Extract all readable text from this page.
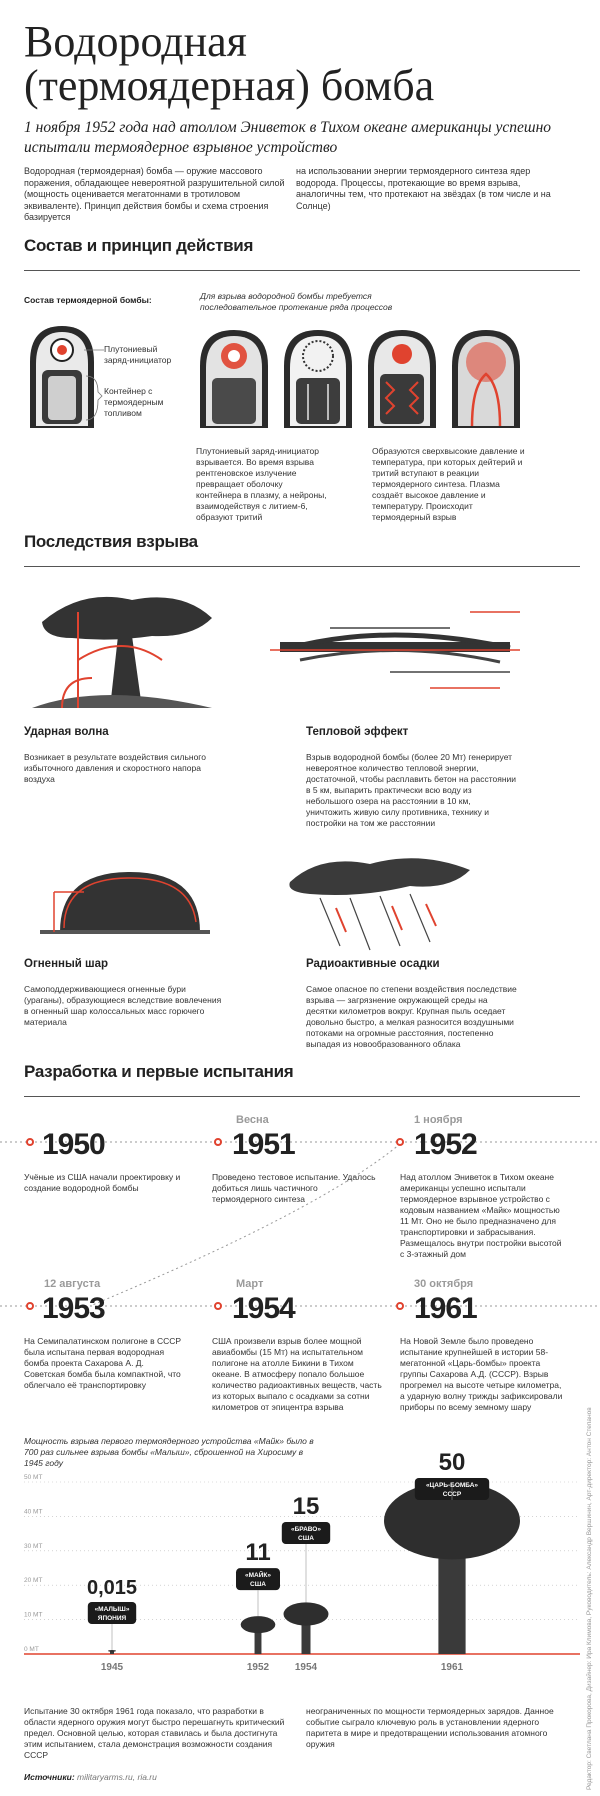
Водородная
(термоядерная) бомба
1 ноября 1952 года над атоллом Эниветок в Тихом океане американцы успешно испытали термоядерное взрывное устройство
Водородная (термоядерная) бомба — оружие массового поражения, обладающее невероятной разрушительной силой (мощность оценивается мегатоннами в тротиловом эквиваленте). Принцип действия бомбы и схема строения базируется
на использовании энергии термоядерного синтеза ядер водорода. Процессы, протекающие во время взрыва, аналогичны тем, что протекают на звёздах (в том числе и на Солнце)
Состав и принцип действия
Состав термоядерной бомбы:	Для взрыва водородной бомбы требуется последовательное протекание ряда процессов
Плутониевый заряд-инициатор
Контейнер с термоядерным топливом
Плутониевый заряд-инициатор взрывается. Во время взрыва рентгеновское излучение превращает оболочку контейнера в плазму, а нейроны, взаимодействуя с литием-6, образуют тритий
Образуются сверхвысокие давление и температура, при которых дейтерий и тритий вступают в реакции термоядерного синтеза. Плазма создаёт высокое давление и температуру. Происходит термоядерный взрыв
Последствия взрыва
Ударная волна
Возникает в результате воздействия сильного избыточного давления и скоростного напора воздуха
Тепловой эффект
Взрыв водородной бомбы (более 20 Мт) генерирует невероятное количество тепловой энергии, достаточной, чтобы расплавить бетон на расстоянии в 5 км, выпарить практически всю воду из небольшого озера на расстоянии в 10 км, уничтожить живую силу противника, технику и постройки на том же расстоянии
Огненный шар
Самоподдерживающиеся огненные бури (ураганы), образующиеся вследствие вовлечения в огненный шар колоссальных масс горючего материала
Радиоактивные осадки
Самое опасное по степени воздействия последствие взрыва — загрязнение окружающей среды на десятки километров вокруг. Крупная пыль оседает довольно быстро, а мелкая разносится воздушными потоками на огромные расстояния, постепенно выпадая из новообразованного облака
Разработка и первые испытания
1950
Учёные из США начали проектировку и создание водородной бомбы
Весна
1951
Проведено тестовое испытание. Удалось добиться лишь частичного термоядерного синтеза
1 ноября
1952
Над атоллом Эниветок в Тихом океане американцы успешно испытали термоядерное взрывное устройство с кодовым названием «Майк» мощностью 11 Мт. Оно не было предназначено для транспортировки и забрасывания. Размещалось внутри постройки высотой с 3-этажный дом
12 августа
1953
На Семипалатинском полигоне в СССР была испытана первая водородная бомба проекта Сахарова А. Д. Советская бомба была компактной, что облегчало её транспортировку
Март
1954
США произвели взрыв более мощной авиабомбы (15 Мт) на испытательном полигоне на атолле Бикини в Тихом океане. В атмосферу попало большое количество радиоактивных веществ, часть из которых выпало с осадками за сотни километров от эпицентра взрыва
30 октября
1961
На Новой Земле было проведено испытание крупнейшей в истории 58-мегатонной «Царь-бомбы» проекта группы Сахарова А.Д. (СССР). Взрыв прогремел на высоте четыре километра, а ударную волну трижды зафиксировали приборы по всему земному шару
Мощность взрыва первого термоядерного устройства «Майк» было в 700 раз сильнее взрыва бомбы «Малыш», сброшенной на Хиросиму в 1945 году
50 МТ
40 МТ
30 МТ
20 МТ
10 МТ
0 МТ
0,015
«МАЛЫШ»
ЯПОНИЯ
1945
11
«МАЙК»
США
1952
15
«БРАВО»
США
1954
50
«ЦАРЬ-БОМБА»
СССР
1961
Испытание 30 октября 1961 года показало, что разработки в области ядерного оружия могут быстро перешагнуть критический предел. Основной целью, которая ставилась и была достигнута этим испытанием, стала демонстрация возможности создания СССР
неограниченных по мощности термоядерных зарядов. Данное событие сыграло ключевую роль в установлении ядерного паритета в мире и предотвращении использования атомного оружия
Источники: militaryarms.ru, ria.ru	Редактор: Светлана Прокорова, Дизайнер: Ира Климова, Руководитель: Александр Вершинин, Арт-директор: Антон Степанов
